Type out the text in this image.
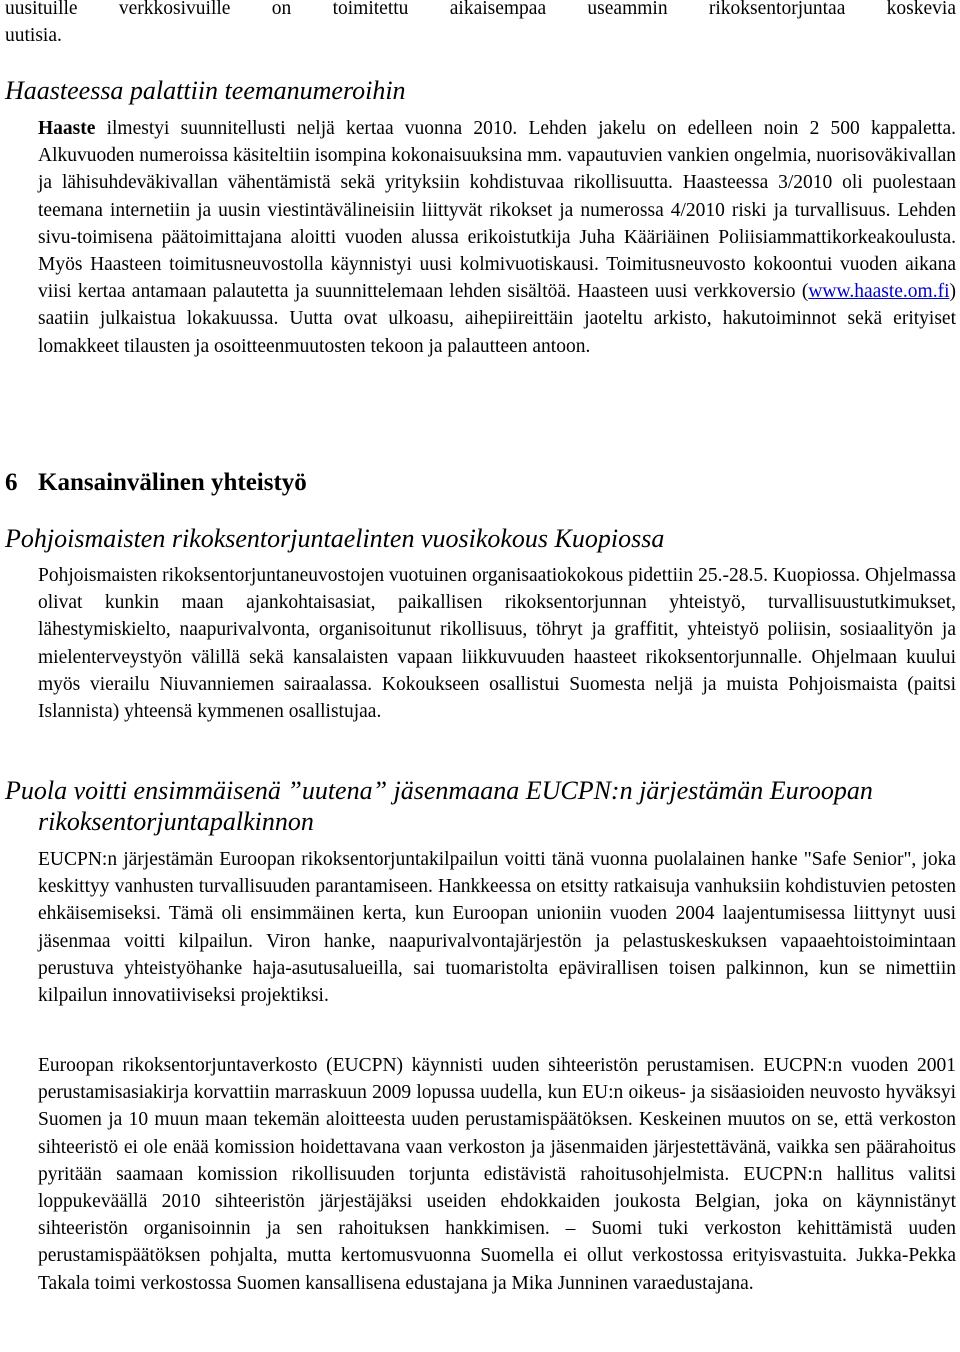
uusituille verkkosivuille on toimitettu aikaisempaa useammin rikoksentorjuntaa koskevia

uutisia.

Haasteessa palattiin teemanumeroihin

Haaste ilmestyi suunnitellusti neljä kertaa vuonna 2010. Lehden jakelu on edelleen noin 2 500 kappaletta. Alkuvuoden numeroissa käsiteltiin isompina kokonaisuuksina mm. vapautuvien vankien ongelmia, nuorisoväkivallan ja lähisuhdeväkivallan vähentämistä sekä yrityksiin kohdistuvaa rikollisuutta. Haasteessa 3/2010 oli puolestaan teemana internetiin ja uusin viestintävälineisiin liittyvät rikokset ja numerossa 4/2010 riski ja turvallisuus. Lehden sivu-toimisena päätoimittajana aloitti vuoden alussa erikoistutkija Juha Kääriäinen Poliisiammattikorkeakoulusta. Myös Haasteen toimitusneuvostolla käynnistyi uusi kolmivuotiskausi. Toimitusneuvosto kokoontui vuoden aikana viisi kertaa antamaan palautetta ja suunnittelemaan lehden sisältöä. Haasteen uusi verkkoversio (www.haaste.om.fi) saatiin julkaistua lokakuussa. Uutta ovat ulkoasu, aihepiireittäin jaoteltu arkisto, hakutoiminnot sekä erityiset lomakkeet tilausten ja osoitteenmuutosten tekoon ja palautteen antoon.

6 Kansainvälinen yhteistyö
Pohjoismaisten rikoksentorjuntaelinten vuosikokous Kuopiossa

Pohjoismaisten rikoksentorjuntaneuvostojen vuotuinen organisaatiokokous pidettiin 25.-28.5. Kuopiossa. Ohjelmassa olivat kunkin maan ajankohtaisasiat, paikallisen rikoksentorjunnan yhteistyö, turvallisuustutkimukset, lähestymiskielto, naapurivalvonta, organisoitunut rikollisuus, töhryt ja graffitit, yhteistyö poliisin, sosiaalityön ja mielenterveystyön välillä sekä kansalaisten vapaan liikkuvuuden haasteet rikoksentorjunnalle. Ohjelmaan kuului myös vierailu Niuvanniemen sairaalassa. Kokoukseen osallistui Suomesta neljä ja muista Pohjoismaista (paitsi Islannista) yhteensä kymmenen osallistujaa.

Puola voitti ensimmäisenä ”uutena” jäsenmaana EUCPN:n järjestämän Euroopan
rikoksentorjuntapalkinnon

EUCPN:n järjestämän Euroopan rikoksentorjuntakilpailun voitti tänä vuonna puolalainen hanke "Safe Senior", joka keskittyy vanhusten turvallisuuden parantamiseen. Hankkeessa on etsitty ratkaisuja vanhuksiin kohdistuvien petosten ehkäisemiseksi. Tämä oli ensimmäinen kerta, kun Euroopan unioniin vuoden 2004 laajentumisessa liittynyt uusi jäsenmaa voitti kilpailun. Viron hanke, naapurivalvontajärjestön ja pelastuskeskuksen vapaaehtoistoimintaan perustuva yhteistyöhanke haja-asutusalueilla, sai tuomaristolta epävirallisen toisen palkinnon, kun se nimettiin kilpailun innovatiiviseksi projektiksi.

Euroopan rikoksentorjuntaverkosto (EUCPN) käynnisti uuden sihteeristön perustamisen. EUCPN:n vuoden 2001 perustamisasiakirja korvattiin marraskuun 2009 lopussa uudella, kun EU:n oikeus- ja sisäasioiden neuvosto hyväksyi Suomen ja 10 muun maan tekemän aloitteesta uuden perustamispäätöksen. Keskeinen muutos on se, että verkoston sihteeristö ei ole enää komission hoidettavana vaan verkoston ja jäsenmaiden järjestettävänä, vaikka sen päärahoitus pyritään saamaan komission rikollisuuden torjunta edistävistä rahoitusohjelmista. EUCPN:n hallitus valitsi loppukeväällä 2010 sihteeristön järjestäjäksi useiden ehdokkaiden joukosta Belgian, joka on käynnistänyt sihteeristön organisoinnin ja sen rahoituksen hankkimisen. – Suomi tuki verkoston kehittämistä uuden perustamispäätöksen pohjalta, mutta kertomusvuonna Suomella ei ollut verkostossa erityisvastuita. Jukka-Pekka Takala toimi verkostossa Suomen kansallisena edustajana ja Mika Junninen varaedustajana.
